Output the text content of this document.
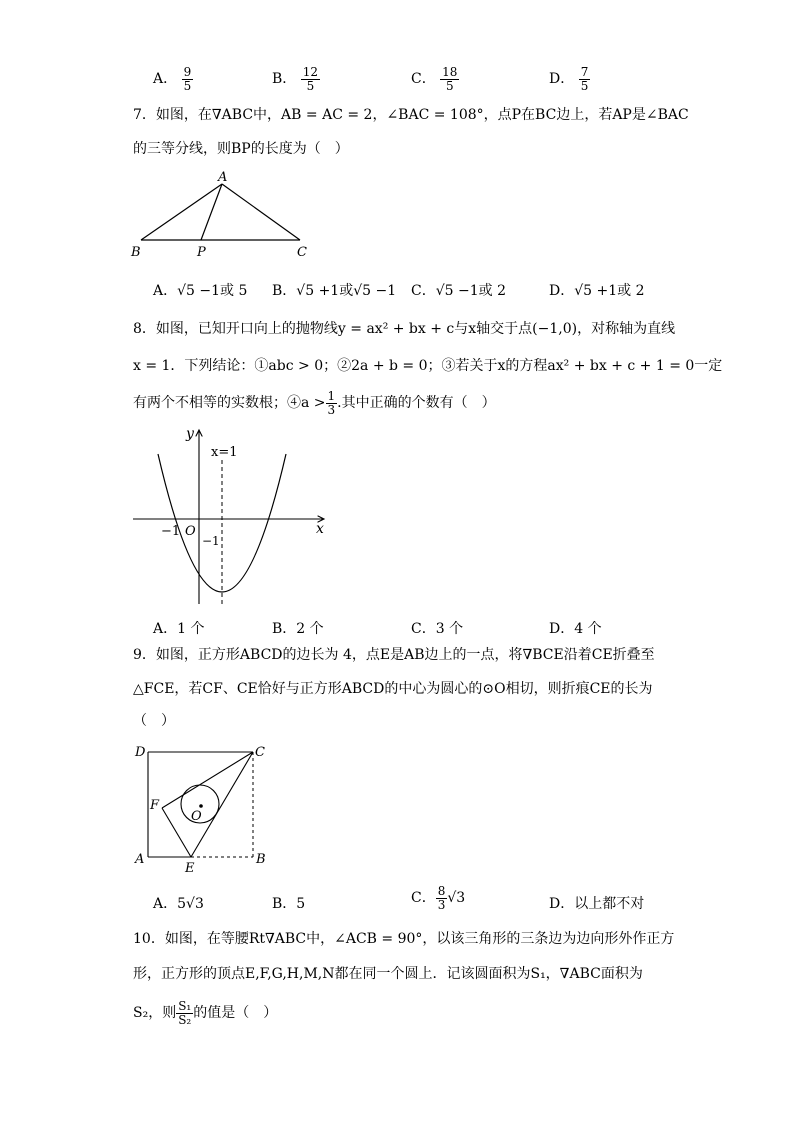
A． $\frac{9}{5}$	B． $\frac{12}{5}$	C． $\frac{18}{5}$	D． $\frac{7}{5}$
7．如图，在∇ABC中，AB = AC = 2，∠BAC = 108°，点P在BC边上，若AP是∠BAC
的三等分线，则BP的长度为（　）
A
B	P	C
A．√5 −1或 5 B．√5 +1或√5 −1 C．√5 −1或 2	D．√5 +1或 2
8．如图，已知开口向上的抛物线y = ax² + bx + c与x轴交于点(−1,0)，对称轴为直线
x = 1．下列结论：①abc > 0；②2a + b = 0；③若关于x的方程ax² + bx + c + 1 = 0一定
有两个不相等的实数根；④a > $\frac{1}{3}$ .其中正确的个数有（　）
y
x
x=1
−1 O
−1
A．1 个	B．2 个	C．3 个	D．4 个
9．如图，正方形ABCD的边长为 4，点E是AB边上的一点，将∇BCE沿着CE折叠至
△FCE，若CF、CE恰好与正方形ABCD的中心为圆心的⊙O相切，则折痕CE的长为
（　）
D	C
F
O
A
E
B
A．5√3	B．5	C． $\frac{8}{3} √3$	D．以上都不对
10．如图，在等腰Rt∇ABC中，∠ACB = 90°，以该三角形的三条边为边向形外作正方
形，正方形的顶点E,F,G,H,M,N都在同一个圆上．记该圆面积为S₁，∇ABC面积为
S₂，则 $\frac{\text{S₁}}{\text{S₂}}$ 的值是（　）
